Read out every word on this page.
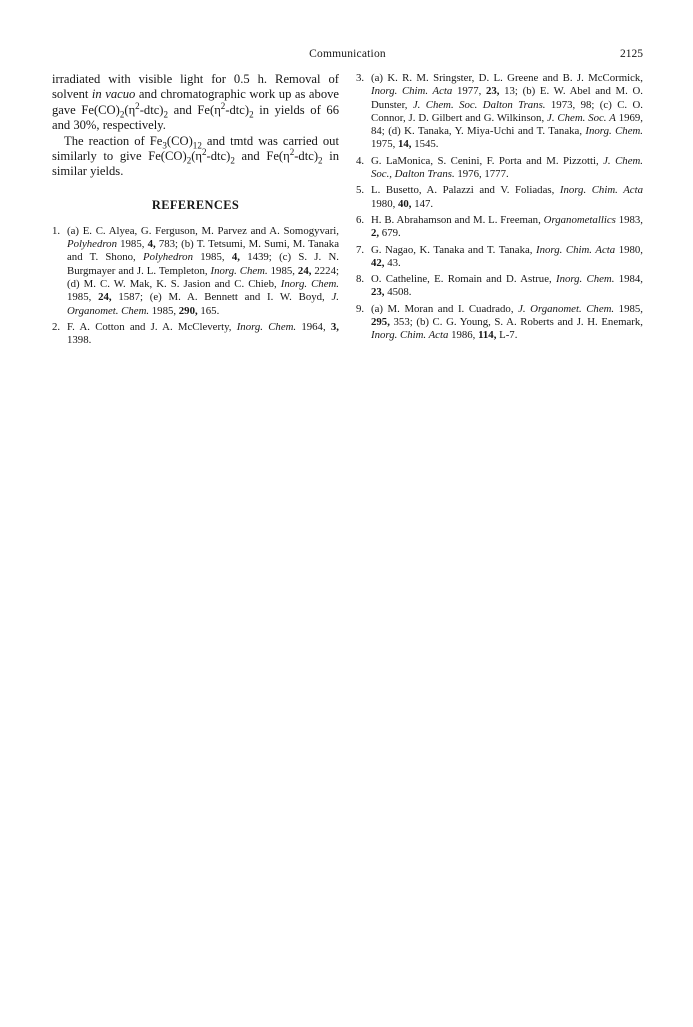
Communication	2125

irradiated with visible light for 0.5 h. Removal of solvent in vacuo and chromatographic work up as above gave $Fe(CO)_2(\eta^2-dtc)_2$ and $Fe(\eta^2-dtc)_2$ in yields of 66 and 30%, respectively.

The reaction of $Fe_3(CO)_{12}$ and tmtd was carried out similarly to give $Fe(CO)_2(\eta^2-dtc)_2$ and $Fe(\eta^2-dtc)_2$ in similar yields.

REFERENCES

1. (a) E. C. Alyea, G. Ferguson, M. Parvez and A. Somogyvari, Polyhedron 1985, 4, 783; (b) T. Tetsumi, M. Sumi, M. Tanaka and T. Shono, Polyhedron 1985, 4, 1439; (c) S. J. N. Burgmayer and J. L. Templeton, Inorg. Chem. 1985, 24, 2224; (d) M. C. W. Mak, K. S. Jasion and C. Chieb, Inorg. Chem. 1985, 24, 1587; (e) M. A. Bennett and I. W. Boyd, J. Organomet. Chem. 1985, 290, 165.

2. F. A. Cotton and J. A. McCleverty, Inorg. Chem. 1964, 3, 1398.

3. (a) K. R. M. Sringster, D. L. Greene and B. J. McCormick, Inorg. Chim. Acta 1977, 23, 13; (b) E. W. Abel and M. O. Dunster, J. Chem. Soc. Dalton Trans. 1973, 98; (c) C. O. Connor, J. D. Gilbert and G. Wilkinson, J. Chem. Soc. A 1969, 84; (d) K. Tanaka, Y. Miya-Uchi and T. Tanaka, Inorg. Chem. 1975, 14, 1545.

4. G. LaMonica, S. Cenini, F. Porta and M. Pizzotti, J. Chem. Soc., Dalton Trans. 1976, 1777.

5. L. Busetto, A. Palazzi and V. Foliadas, Inorg. Chim. Acta 1980, 40, 147.

6. H. B. Abrahamson and M. L. Freeman, Organometallics 1983, 2, 679.

7. G. Nagao, K. Tanaka and T. Tanaka, Inorg. Chim. Acta 1980, 42, 43.

8. O. Catheline, E. Romain and D. Astrue, Inorg. Chem. 1984, 23, 4508.

9. (a) M. Moran and I. Cuadrado, J. Organomet. Chem. 1985, 295, 353; (b) C. G. Young, S. A. Roberts and J. H. Enemark, Inorg. Chim. Acta 1986, 114, L-7.
